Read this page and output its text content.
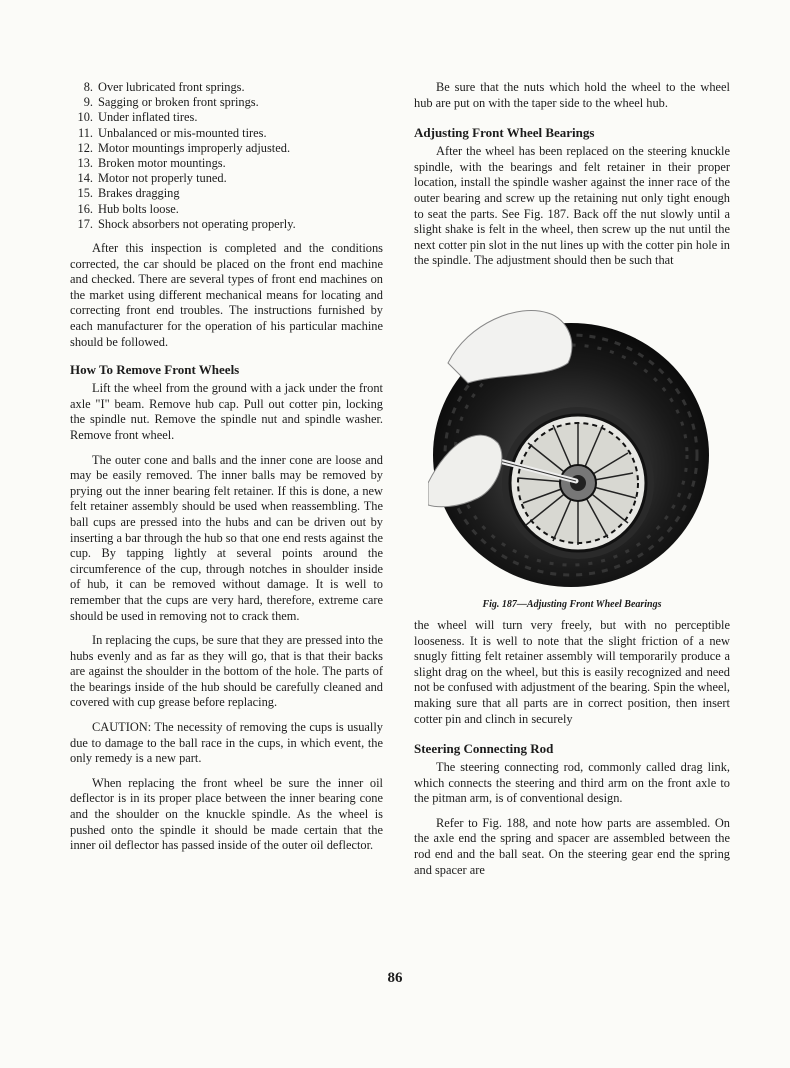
8. Over lubricated front springs.
9. Sagging or broken front springs.
10. Under inflated tires.
11. Unbalanced or mis-mounted tires.
12. Motor mountings improperly adjusted.
13. Broken motor mountings.
14. Motor not properly tuned.
15. Brakes dragging
16. Hub bolts loose.
17. Shock absorbers not operating properly.

After this inspection is completed and the conditions corrected, the car should be placed on the front end machine and checked. There are several types of front end machines on the market using different mechanical means for locating and correcting front end troubles. The instructions furnished by each manufacturer for the operation of his particular machine should be followed.

How To Remove Front Wheels

Lift the wheel from the ground with a jack under the front axle "I" beam. Remove hub cap. Pull out cotter pin, locking the spindle nut. Remove the spindle nut and spindle washer. Remove front wheel.

The outer cone and balls and the inner cone are loose and may be easily removed. The inner balls may be removed by prying out the inner bearing felt retainer. If this is done, a new felt retainer assembly should be used when reassembling. The ball cups are pressed into the hubs and can be driven out by inserting a bar through the hub so that one end rests against the cup. By tapping lightly at several points around the circumference of the cup, through notches in shoulder inside of hub, it can be removed without damage. It is well to remember that the cups are very hard, therefore, extreme care should be used in removing not to crack them.

In replacing the cups, be sure that they are pressed into the hubs evenly and as far as they will go, that is that their backs are against the shoulder in the bottom of the hole. The parts of the bearings inside of the hub should be carefully cleaned and covered with cup grease before replacing.

CAUTION: The necessity of removing the cups is usually due to damage to the ball race in the cups, in which event, the only remedy is a new part.

When replacing the front wheel be sure the inner oil deflector is in its proper place between the inner bearing cone and the shoulder on the knuckle spindle. As the wheel is pushed onto the spindle it should be made certain that the inner oil deflector has passed inside of the outer oil deflector.

Be sure that the nuts which hold the wheel to the wheel hub are put on with the taper side to the wheel hub.

Adjusting Front Wheel Bearings

After the wheel has been replaced on the steering knuckle spindle, with the bearings and felt retainer in their proper location, install the spindle washer against the inner race of the outer bearing and screw up the retaining nut only tight enough to seat the parts. See Fig. 187. Back off the nut slowly until a slight shake is felt in the wheel, then screw up the nut until the next cotter pin slot in the nut lines up with the cotter pin hole in the spindle. The adjustment should then be such that

Fig. 187—Adjusting Front Wheel Bearings

the wheel will turn very freely, but with no perceptible looseness. It is well to note that the slight friction of a new snugly fitting felt retainer assembly will temporarily produce a slight drag on the wheel, but this is easily recognized and need not be confused with adjustment of the bearing. Spin the wheel, making sure that all parts are in correct position, then insert cotter pin and clinch in securely

Steering Connecting Rod

The steering connecting rod, commonly called drag link, which connects the steering and third arm on the front axle to the pitman arm, is of conventional design.

Refer to Fig. 188, and note how parts are assembled. On the axle end the spring and spacer are assembled between the rod end and the ball seat. On the steering gear end the spring and spacer are

86
